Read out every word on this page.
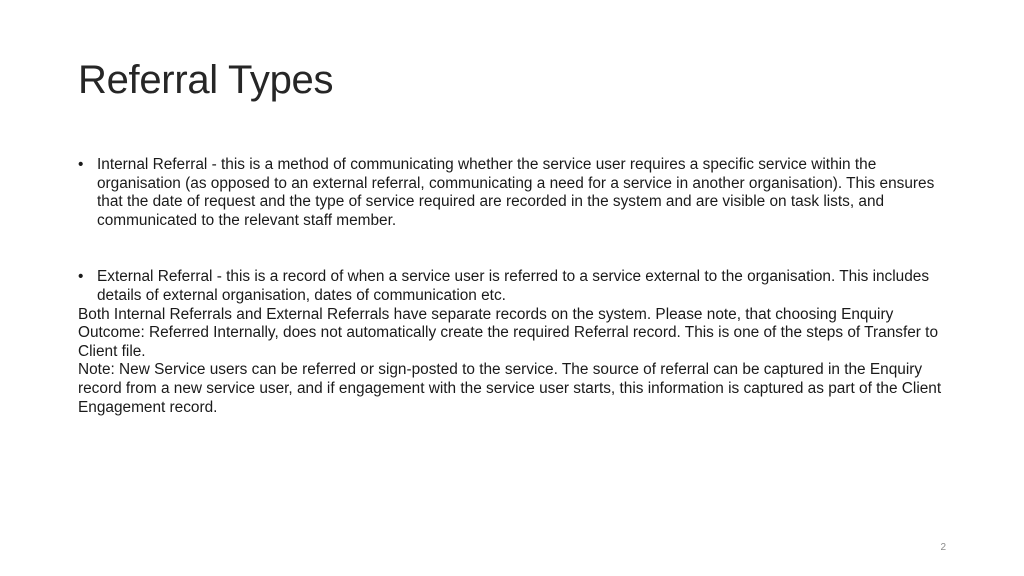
Referral Types
• Internal Referral - this is a method of communicating whether the service user requires a specific service within the organisation (as opposed to an external referral, communicating a need for a service in another organisation). This ensures that the date of request and the type of service required are recorded in the system and are visible on task lists, and communicated to the relevant staff member.
• External Referral - this is a record of when a service user is referred to a service external to the organisation. This includes details of external organisation, dates of communication etc.

Both Internal Referrals and External Referrals have separate records on the system. Please note, that choosing Enquiry Outcome: Referred Internally, does not automatically create the required Referral record. This is one of the steps of Transfer to Client file.

Note: New Service users can be referred or sign-posted to the service. The source of referral can be captured in the Enquiry record from a new service user, and if engagement with the service user starts, this information is captured as part of the Client Engagement record.

2
